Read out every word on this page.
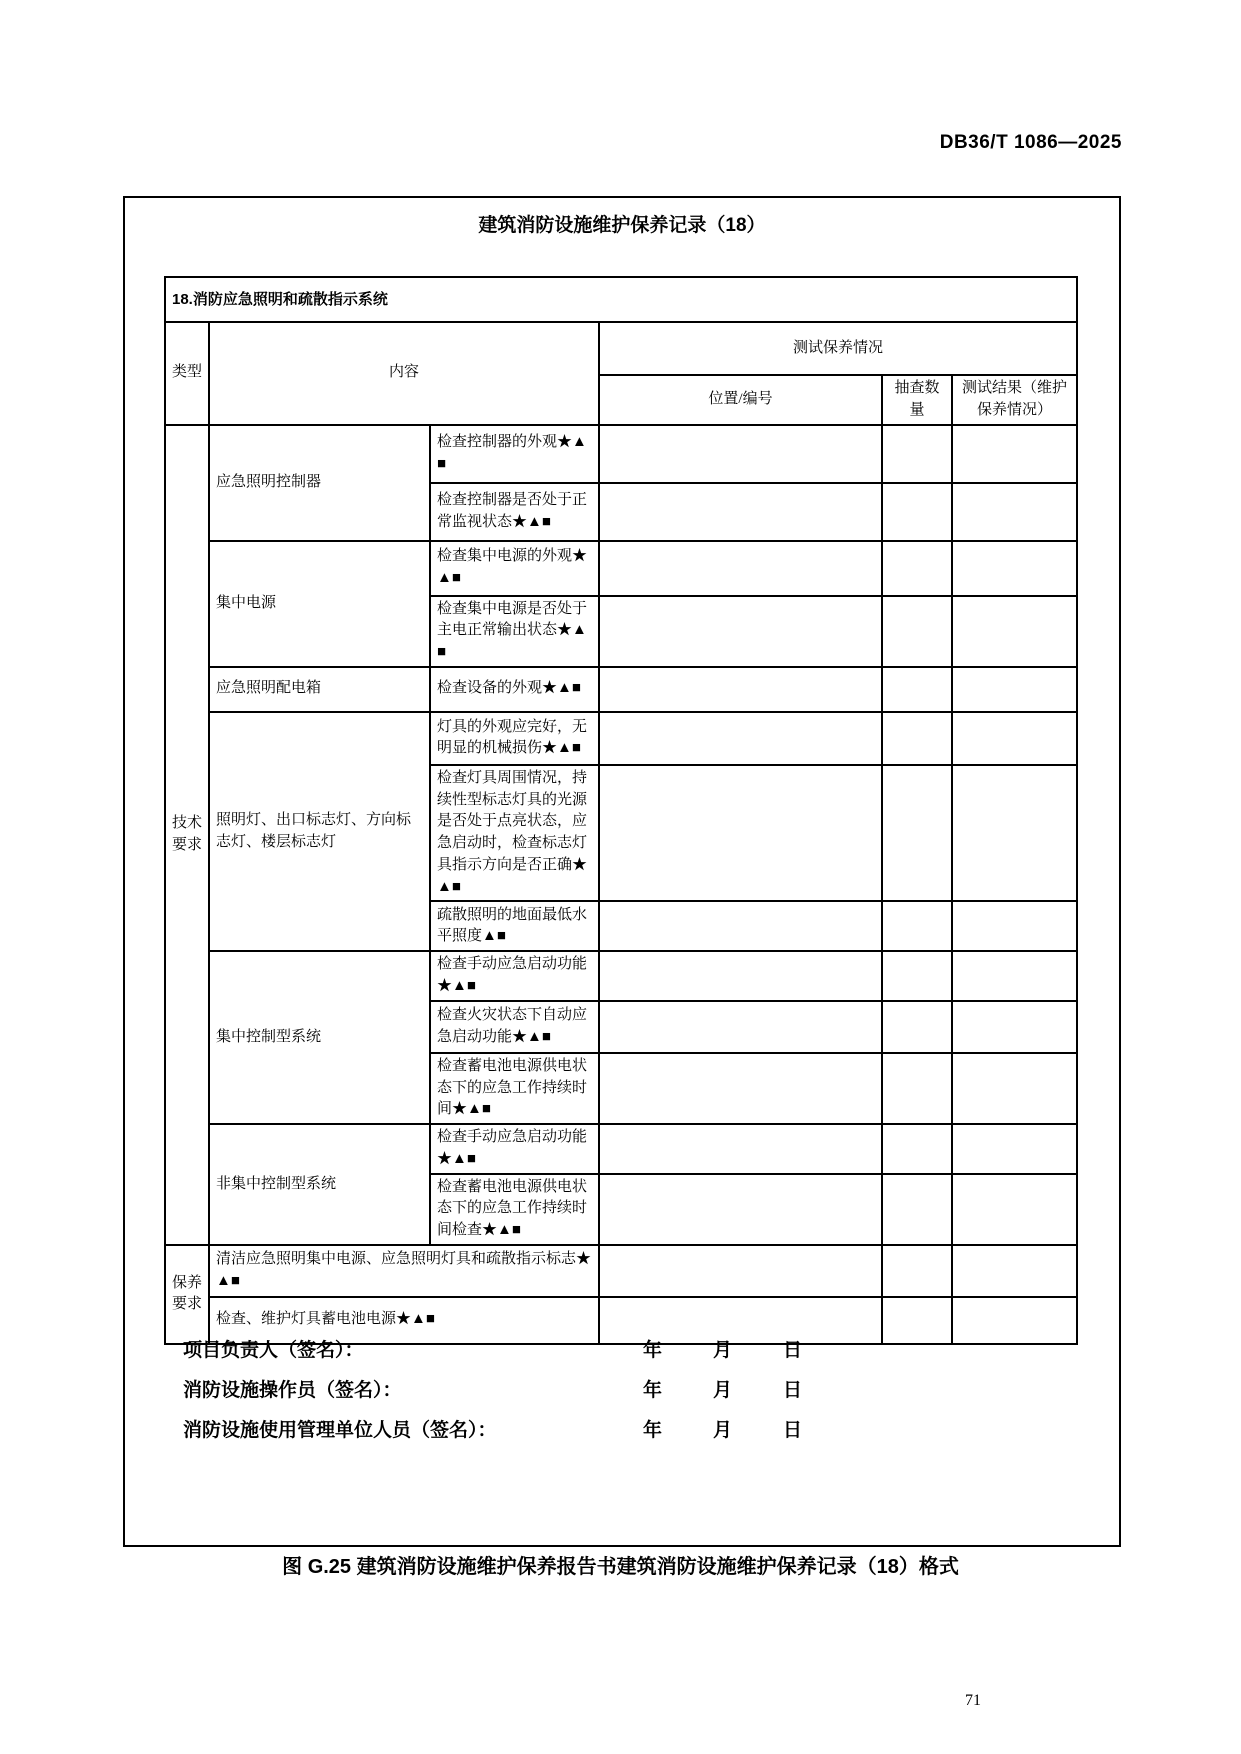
DB36/T 1086—2025
建筑消防设施维护保养记录（18）
18.消防应急照明和疏散指示系统					
类型	内容		测试保养情况		
			位置/编号	抽查数量	测试结果（维护保养情况）
技术要求	应急照明控制器	检查控制器的外观★▲■			
		检查控制器是否处于正常监视状态★▲■			
	集中电源	检查集中电源的外观★▲■			
		检查集中电源是否处于主电正常输出状态★▲■			
	应急照明配电箱	检查设备的外观★▲■			
	照明灯、出口标志灯、方向标志灯、楼层标志灯	灯具的外观应完好，无明显的机械损伤★▲■			
		检查灯具周围情况，持续性型标志灯具的光源是否处于点亮状态，应急启动时，检查标志灯具指示方向是否正确★▲■			
		疏散照明的地面最低水平照度▲■			
	集中控制型系统	检查手动应急启动功能★▲■			
		检查火灾状态下自动应急启动功能★▲■			
		检查蓄电池电源供电状态下的应急工作持续时间★▲■			
	非集中控制型系统	检查手动应急启动功能★▲■			
		检查蓄电池电源供电状态下的应急工作持续时间检查★▲■			
保养要求	清洁应急照明集中电源、应急照明灯具和疏散指示标志★▲■				
	检查、维护灯具蓄电池电源★▲■				
项目负责人（签名）：	年	月	日
消防设施操作员（签名）：	年	月	日
消防设施使用管理单位人员（签名）：	年	月	日
图 G.25 建筑消防设施维护保养报告书建筑消防设施维护保养记录（18）格式
71
